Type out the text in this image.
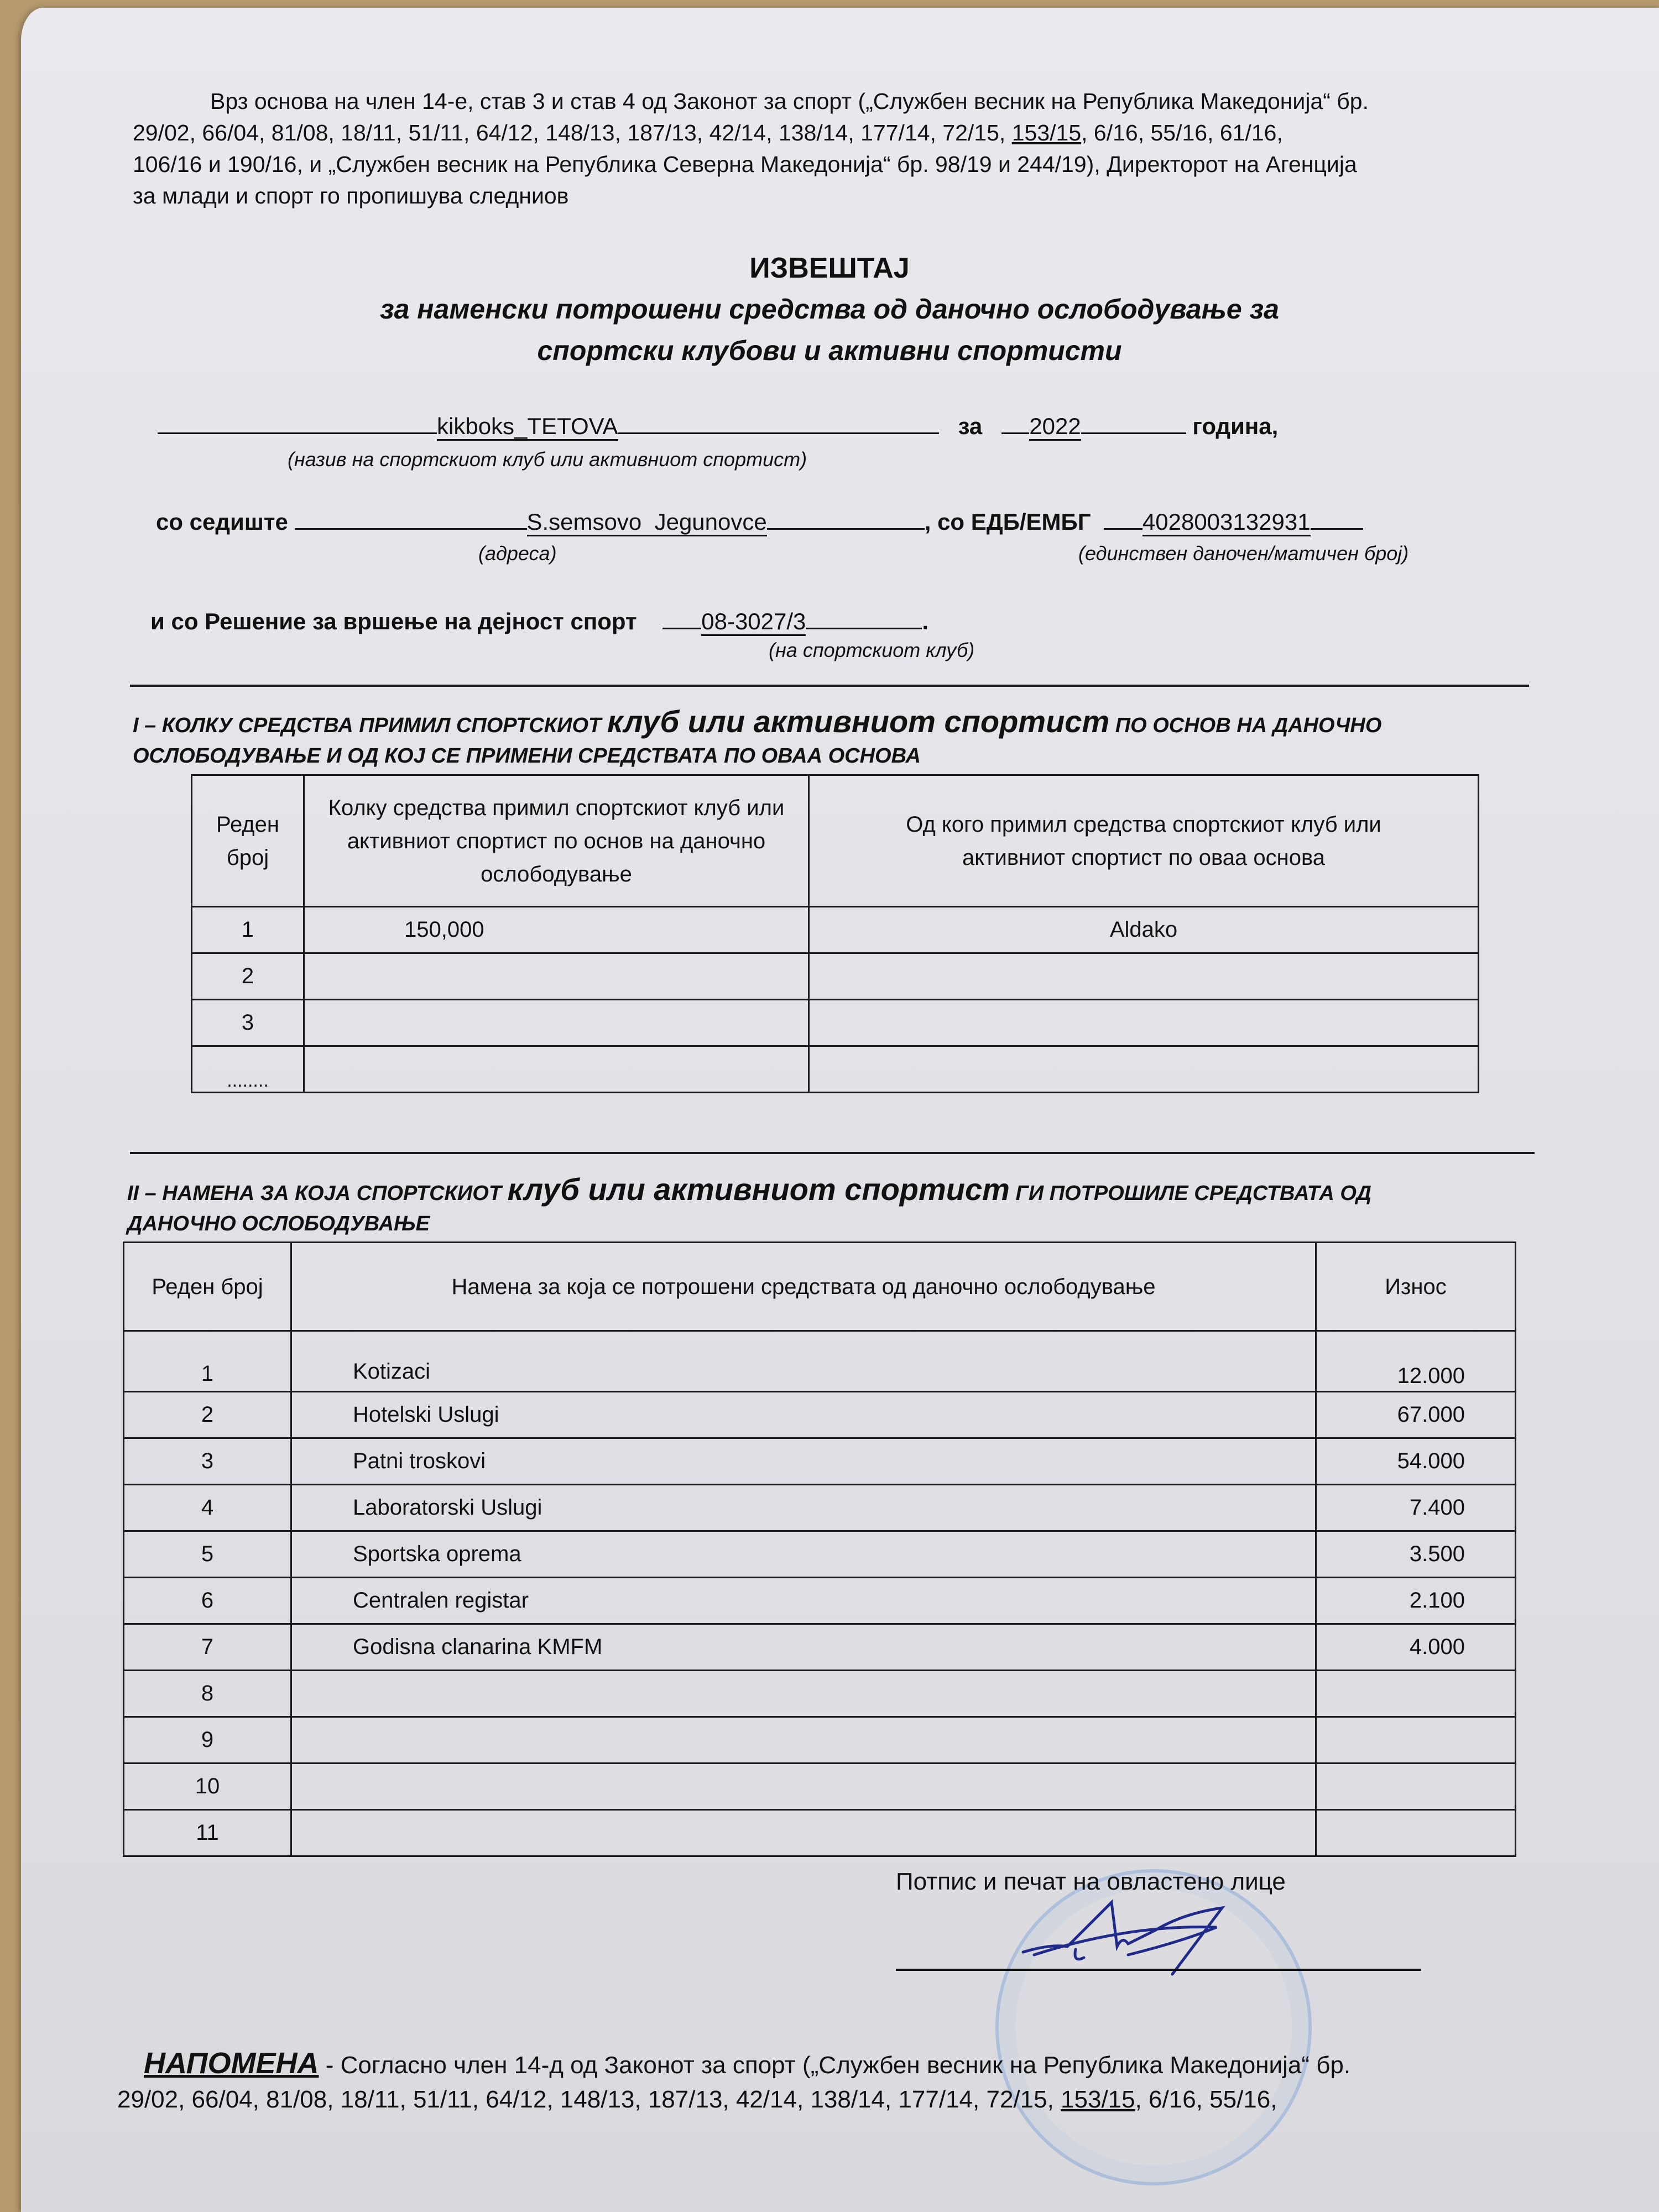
Врз основа на член 14-е, став 3 и став 4 од Законот за спорт („Службен весник на Република Македонија“ бр.
29/02, 66/04, 81/08, 18/11, 51/11, 64/12, 148/13, 187/13, 42/14, 138/14, 177/14, 72/15, 153/15, 6/16, 55/16, 61/16,
106/16 и 190/16, и „Службен весник на Република Северна Македонија“ бр. 98/19 и 244/19), Директорот на Агенција
за млади и спорт го пропишува следниов
ИЗВЕШТАЈ
за наменски потрошени средства од даночно ослободување за
спортски клубови и активни спортисти
kikboks_TETOVA	за 2022	година,
(назив на спортскиот клуб или активниот спортист)
со седиште	S.semsovo  Jegunovce	, со ЕДБ/ЕМБГ 4028003132931
(адреса)	(единствен даночен/матичен број)
и со Решение за вршење на дејност спорт	08-3027/3	.
(на спортскиот клуб)
I – КОЛКУ СРЕДСТВА ПРИМИЛ СПОРТСКИОТ клуб или активниот спортист ПО ОСНОВ НА ДАНОЧНО
ОСЛОБОДУВАЊЕ И ОД КОЈ СЕ ПРИМЕНИ СРЕДСТВАТА ПО ОВАА ОСНОВА
Реден број	Колку средства примил спортскиот клуб или активниот спортист по основ на даночно ослободување	Од кого примил средства спортскиот клуб или активниот спортист по оваа основа
1	150,000	Aldako
2		
3		
........		
II – НАМЕНА ЗА КОЈА СПОРТСКИОТ клуб или активниот спортист ГИ ПОТРОШИЛЕ СРЕДСТВАТА ОД
ДАНОЧНО ОСЛОБОДУВАЊЕ
Реден број	Намена за која се потрошени средствата од даночно ослободување	Износ
1	Kotizaci	12.000
2	Hotelski Uslugi	67.000
3	Patni troskovi	54.000
4	Laboratorski Uslugi	7.400
5	Sportska oprema	3.500
6	Centralen registar	2.100
7	Godisna clanarina KMFM	4.000
8		
9		
10		
11		
Потпис и печат на овластено лице
НАПОМЕНА - Согласно член 14-д од Законот за спорт („Службен весник на Република Македонија“ бр.
29/02, 66/04, 81/08, 18/11, 51/11, 64/12, 148/13, 187/13, 42/14, 138/14, 177/14, 72/15, 153/15, 6/16, 55/16,
